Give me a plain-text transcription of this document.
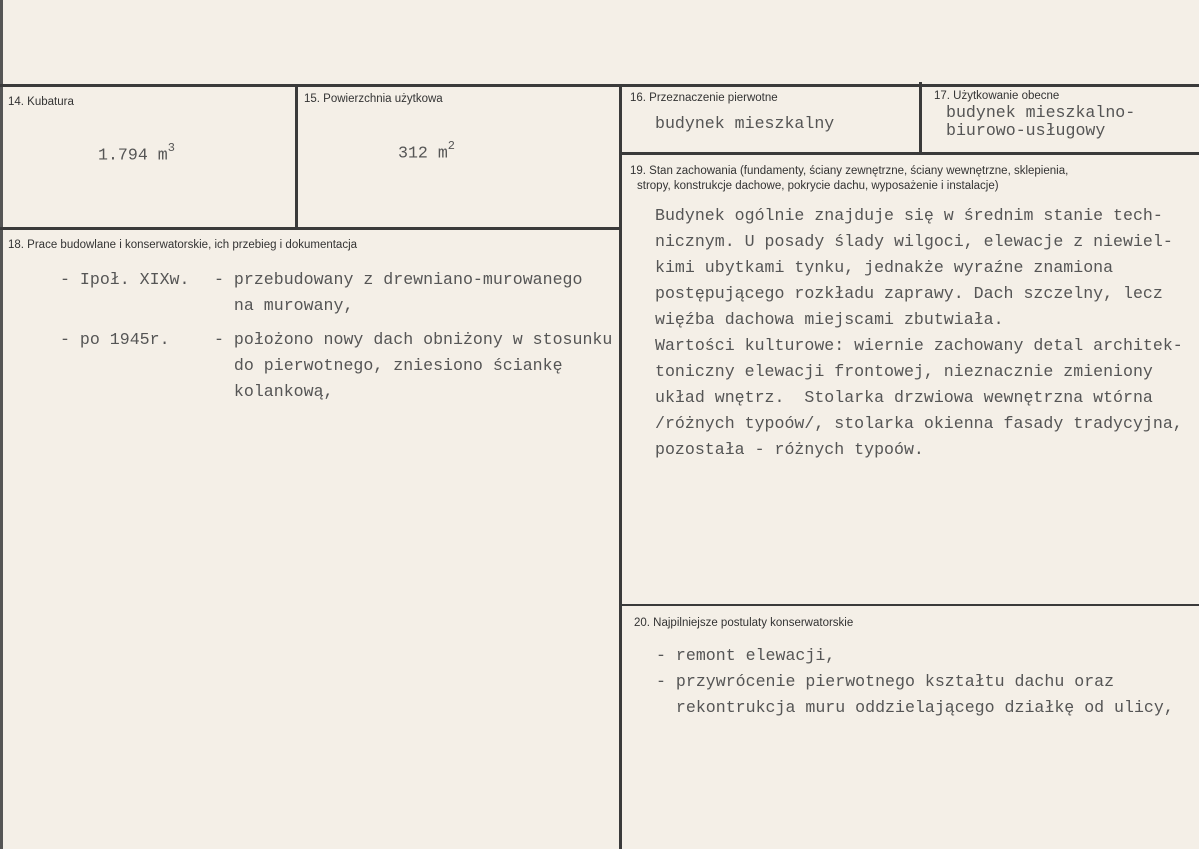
14. Kubatura
1.794 $m^3$
15. Powierzchnia użytkowa
312 $m^2$
16. Przeznaczenie pierwotne
budynek mieszkalny
17. Użytkowanie obecne
budynek mieszkalno-
biurowo-usługowy
18. Prace budowlane i konserwatorskie, ich przebieg i dokumentacja
- Ipoł. XIXw. - przebudowany z drewniano-murowanego
na murowany,
- po 1945r.	- położono nowy dach obniżony w stosunku
do pierwotnego, zniesiono ściankę
kolankową,
19. Stan zachowania (fundamenty, ściany zewnętrzne, ściany wewnętrzne, sklepienia,
stropy, konstrukcje dachowe, pokrycie dachu, wyposażenie i instalacje)
Budynek ogólnie znajduje się w średnim stanie tech-
nicznym. U posady ślady wilgoci, elewacje z niewiel-
kimi ubytkami tynku, jednakże wyraźne znamiona
postępującego rozkładu zaprawy. Dach szczelny, lecz
więźba dachowa miejscami zbutwiała.
Wartości kulturowe: wiernie zachowany detal architek-
toniczny elewacji frontowej, nieznacznie zmieniony
układ wnętrz.  Stolarka drzwiowa wewnętrzna wtórna
/różnych typoów/, stolarka okienna fasady tradycyjna,
pozostała - różnych typoów.
20. Najpilniejsze postulaty konserwatorskie
- remont elewacji,
- przywrócenie pierwotnego kształtu dachu oraz
rekontrukcja muru oddzielającego działkę od ulicy,
